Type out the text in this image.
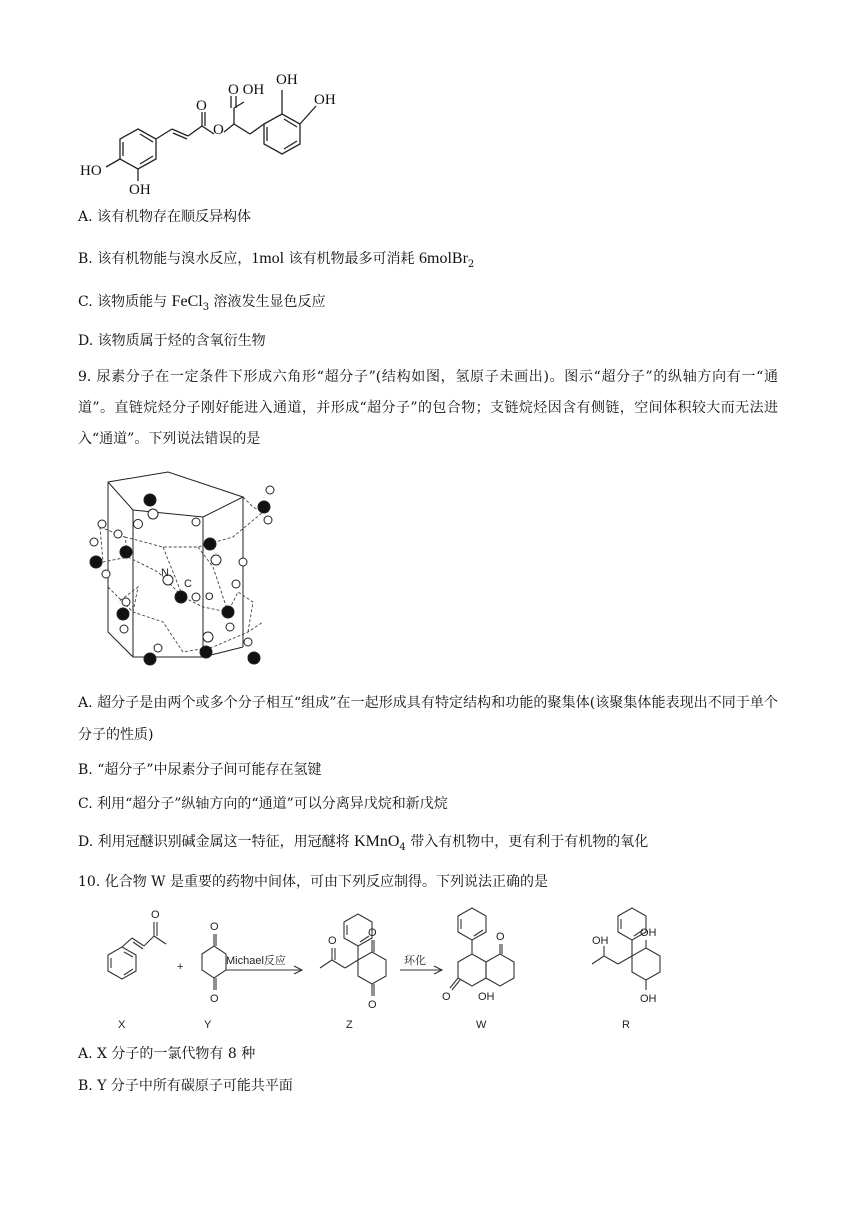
OH
OH
O OH
O
O
HO
OH
A. 该有机物存在顺反异构体
B. 该有机物能与溴水反应，1mol 该有机物最多可消耗 6molBr$_2$
C. 该物质能与 FeCl$_3$ 溶液发生显色反应
D. 该物质属于烃的含氧衍生物
9. 尿素分子在一定条件下形成六角形“超分子”(结构如图，氢原子未画出)。图示“超分子”的纵轴方向有一“通道”。直链烷烃分子刚好能进入通道，并形成“超分子”的包合物；支链烷烃因含有侧链，空间体积较大而无法进入“通道”。下列说法错误的是
N
C
O
A. 超分子是由两个或多个分子相互“组成”在一起形成具有特定结构和功能的聚集体(该聚集体能表现出不同于单个分子的性质)
B. “超分子”中尿素分子间可能存在氢键
C. 利用“超分子”纵轴方向的“通道”可以分离异戊烷和新戊烷
D. 利用冠醚识别碱金属这一特征，用冠醚将 KMnO$_4$ 带入有机物中，更有利于有机物的氧化
10. 化合物 W 是重要的药物中间体，可由下列反应制得。下列说法正确的是
O
+
O
O
Michael反应
O
O
O
环化
O
O OH
OH
OH
OH
X	Y	Z	W	R
A. X 分子的一氯代物有 8 种
B. Y 分子中所有碳原子可能共平面
